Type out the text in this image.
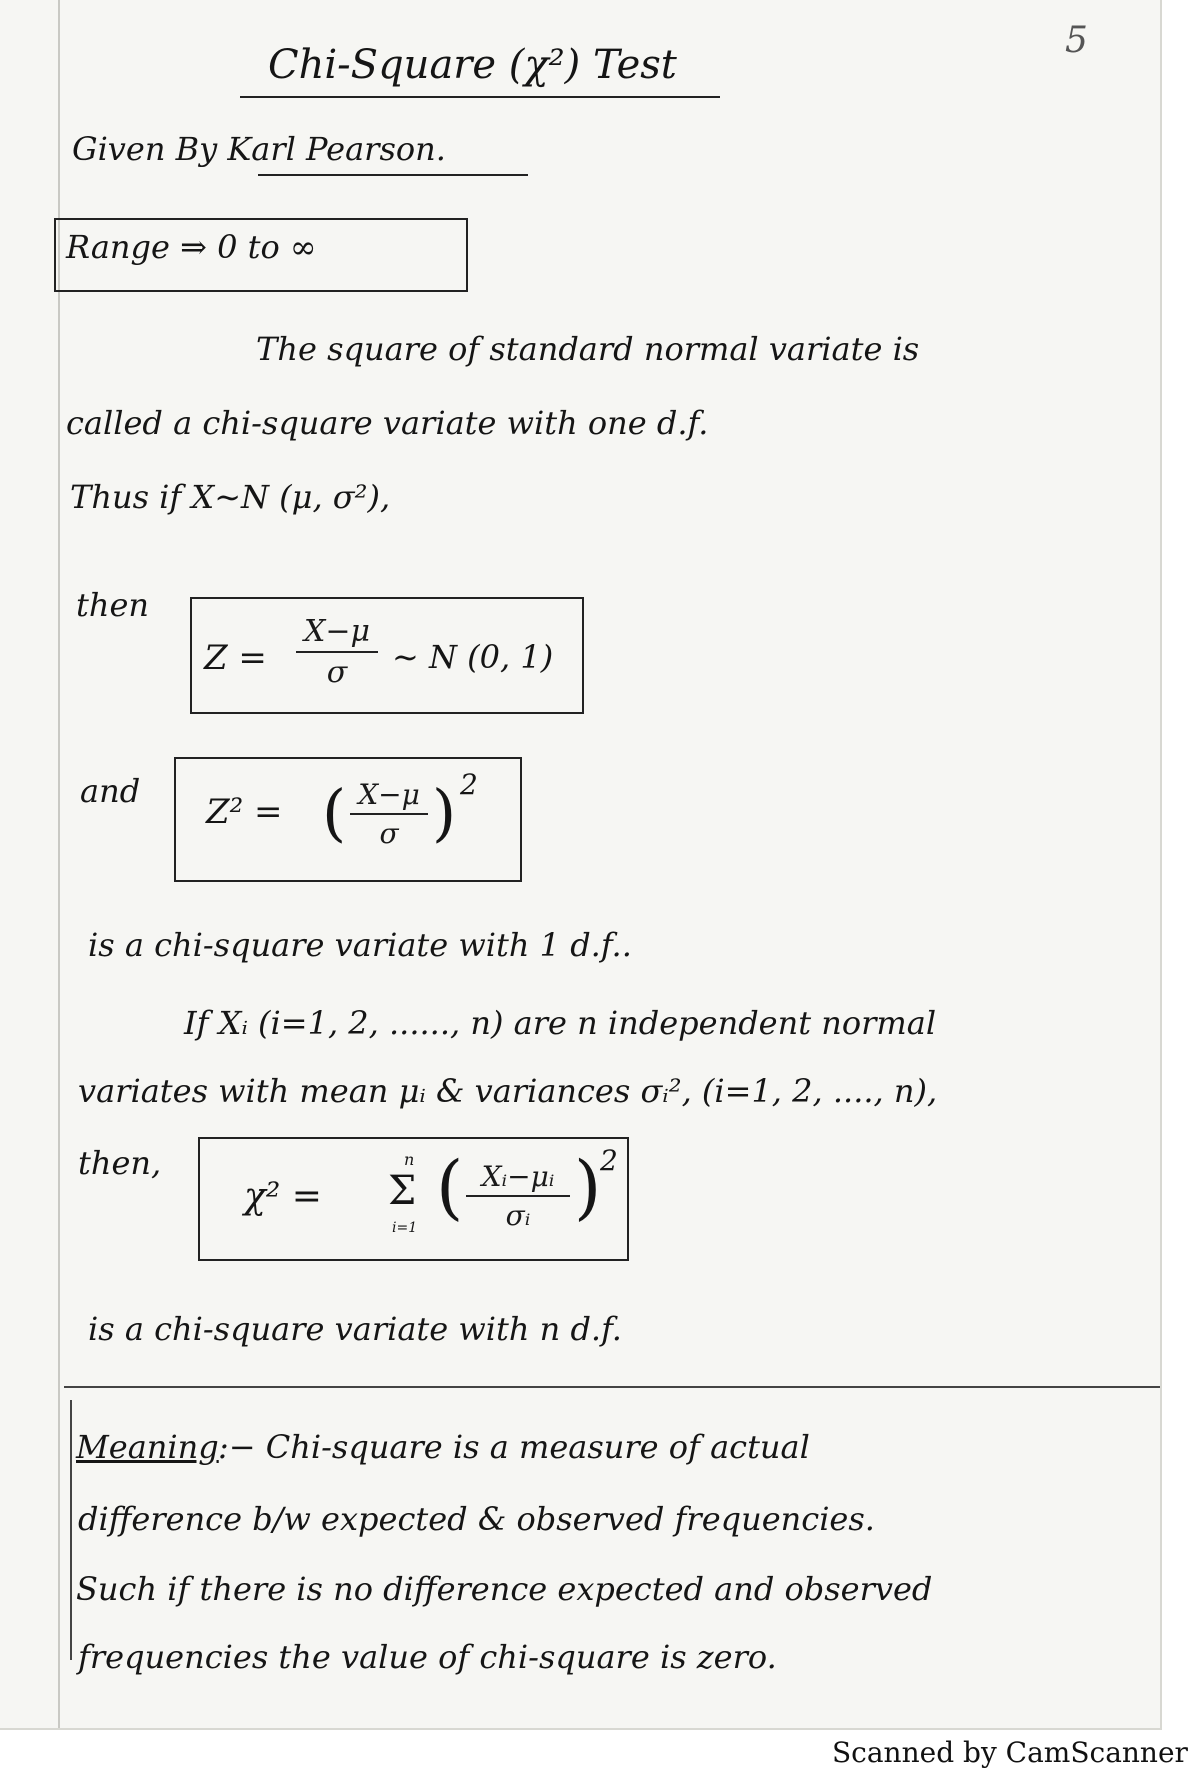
5
Chi-Square (χ²) Test
Given By Karl Pearson.
Range ⇒ 0 to ∞
The square of standard normal variate is
called a chi-square variate with one d.f.
Thus if X∼N (μ, σ²),
then
Z =
X−μ
σ ∼ N (0, 1)
and
Z² = ( X−μ
σ ) 2
is a chi-square variate with 1 d.f..
If Xᵢ (i=1, 2, ......, n) are n independent normal
variates with mean μᵢ & variances σᵢ², (i=1, 2, ...., n),
then,
χ² =
n
Σ
i=1 ( Xᵢ−μᵢ
σᵢ )
2
is a chi-square variate with n d.f.
Meaning :− Chi-square is a measure of actual
difference b/w expected & observed frequencies.
Such if there is no difference expected and observed
frequencies the value of chi-square is zero.
Scanned by CamScanner
